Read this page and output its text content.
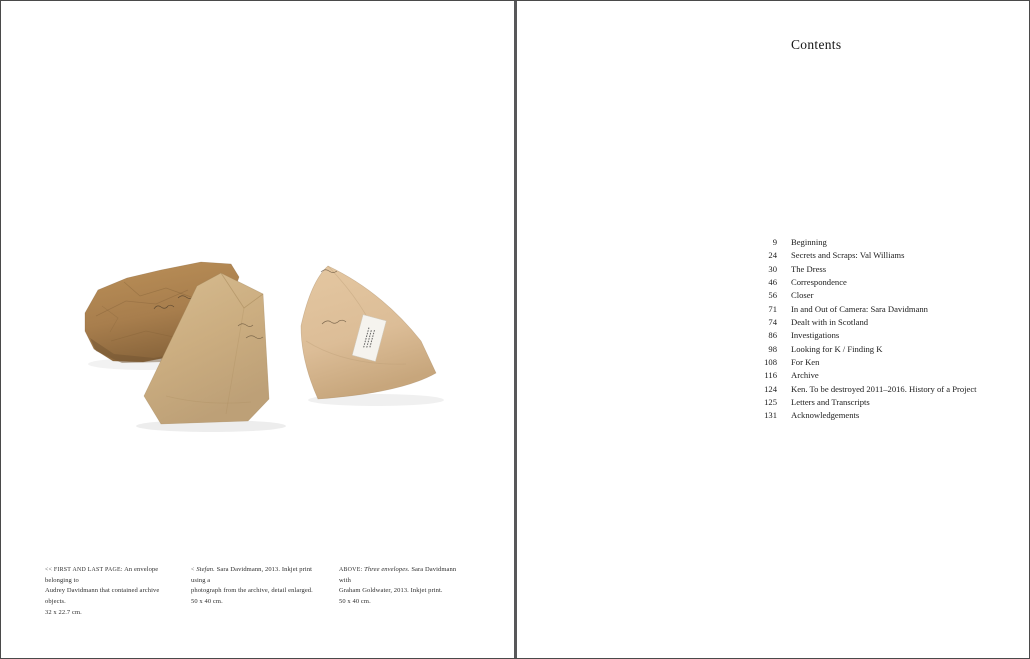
<< FIRST AND LAST PAGE: An envelope belonging to
Audrey Davidmann that contained archive objects.
32 x 22.7 cm.
< Stefan. Sara Davidmann, 2013. Inkjet print using a
photograph from the archive, detail enlarged.
50 x 40 cm.
ABOVE: Three envelopes. Sara Davidmann with
Graham Goldwater, 2013. Inkjet print.
50 x 40 cm.
Contents
9 Beginning
24 Secrets and Scraps: Val Williams
30 The Dress
46 Correspondence
56 Closer
71 In and Out of Camera: Sara Davidmann
74 Dealt with in Scotland
86 Investigations
98 Looking for K / Finding K
108 For Ken
116 Archive
124 Ken. To be destroyed 2011–2016. History of a Project
125 Letters and Transcripts
131 Acknowledgements
